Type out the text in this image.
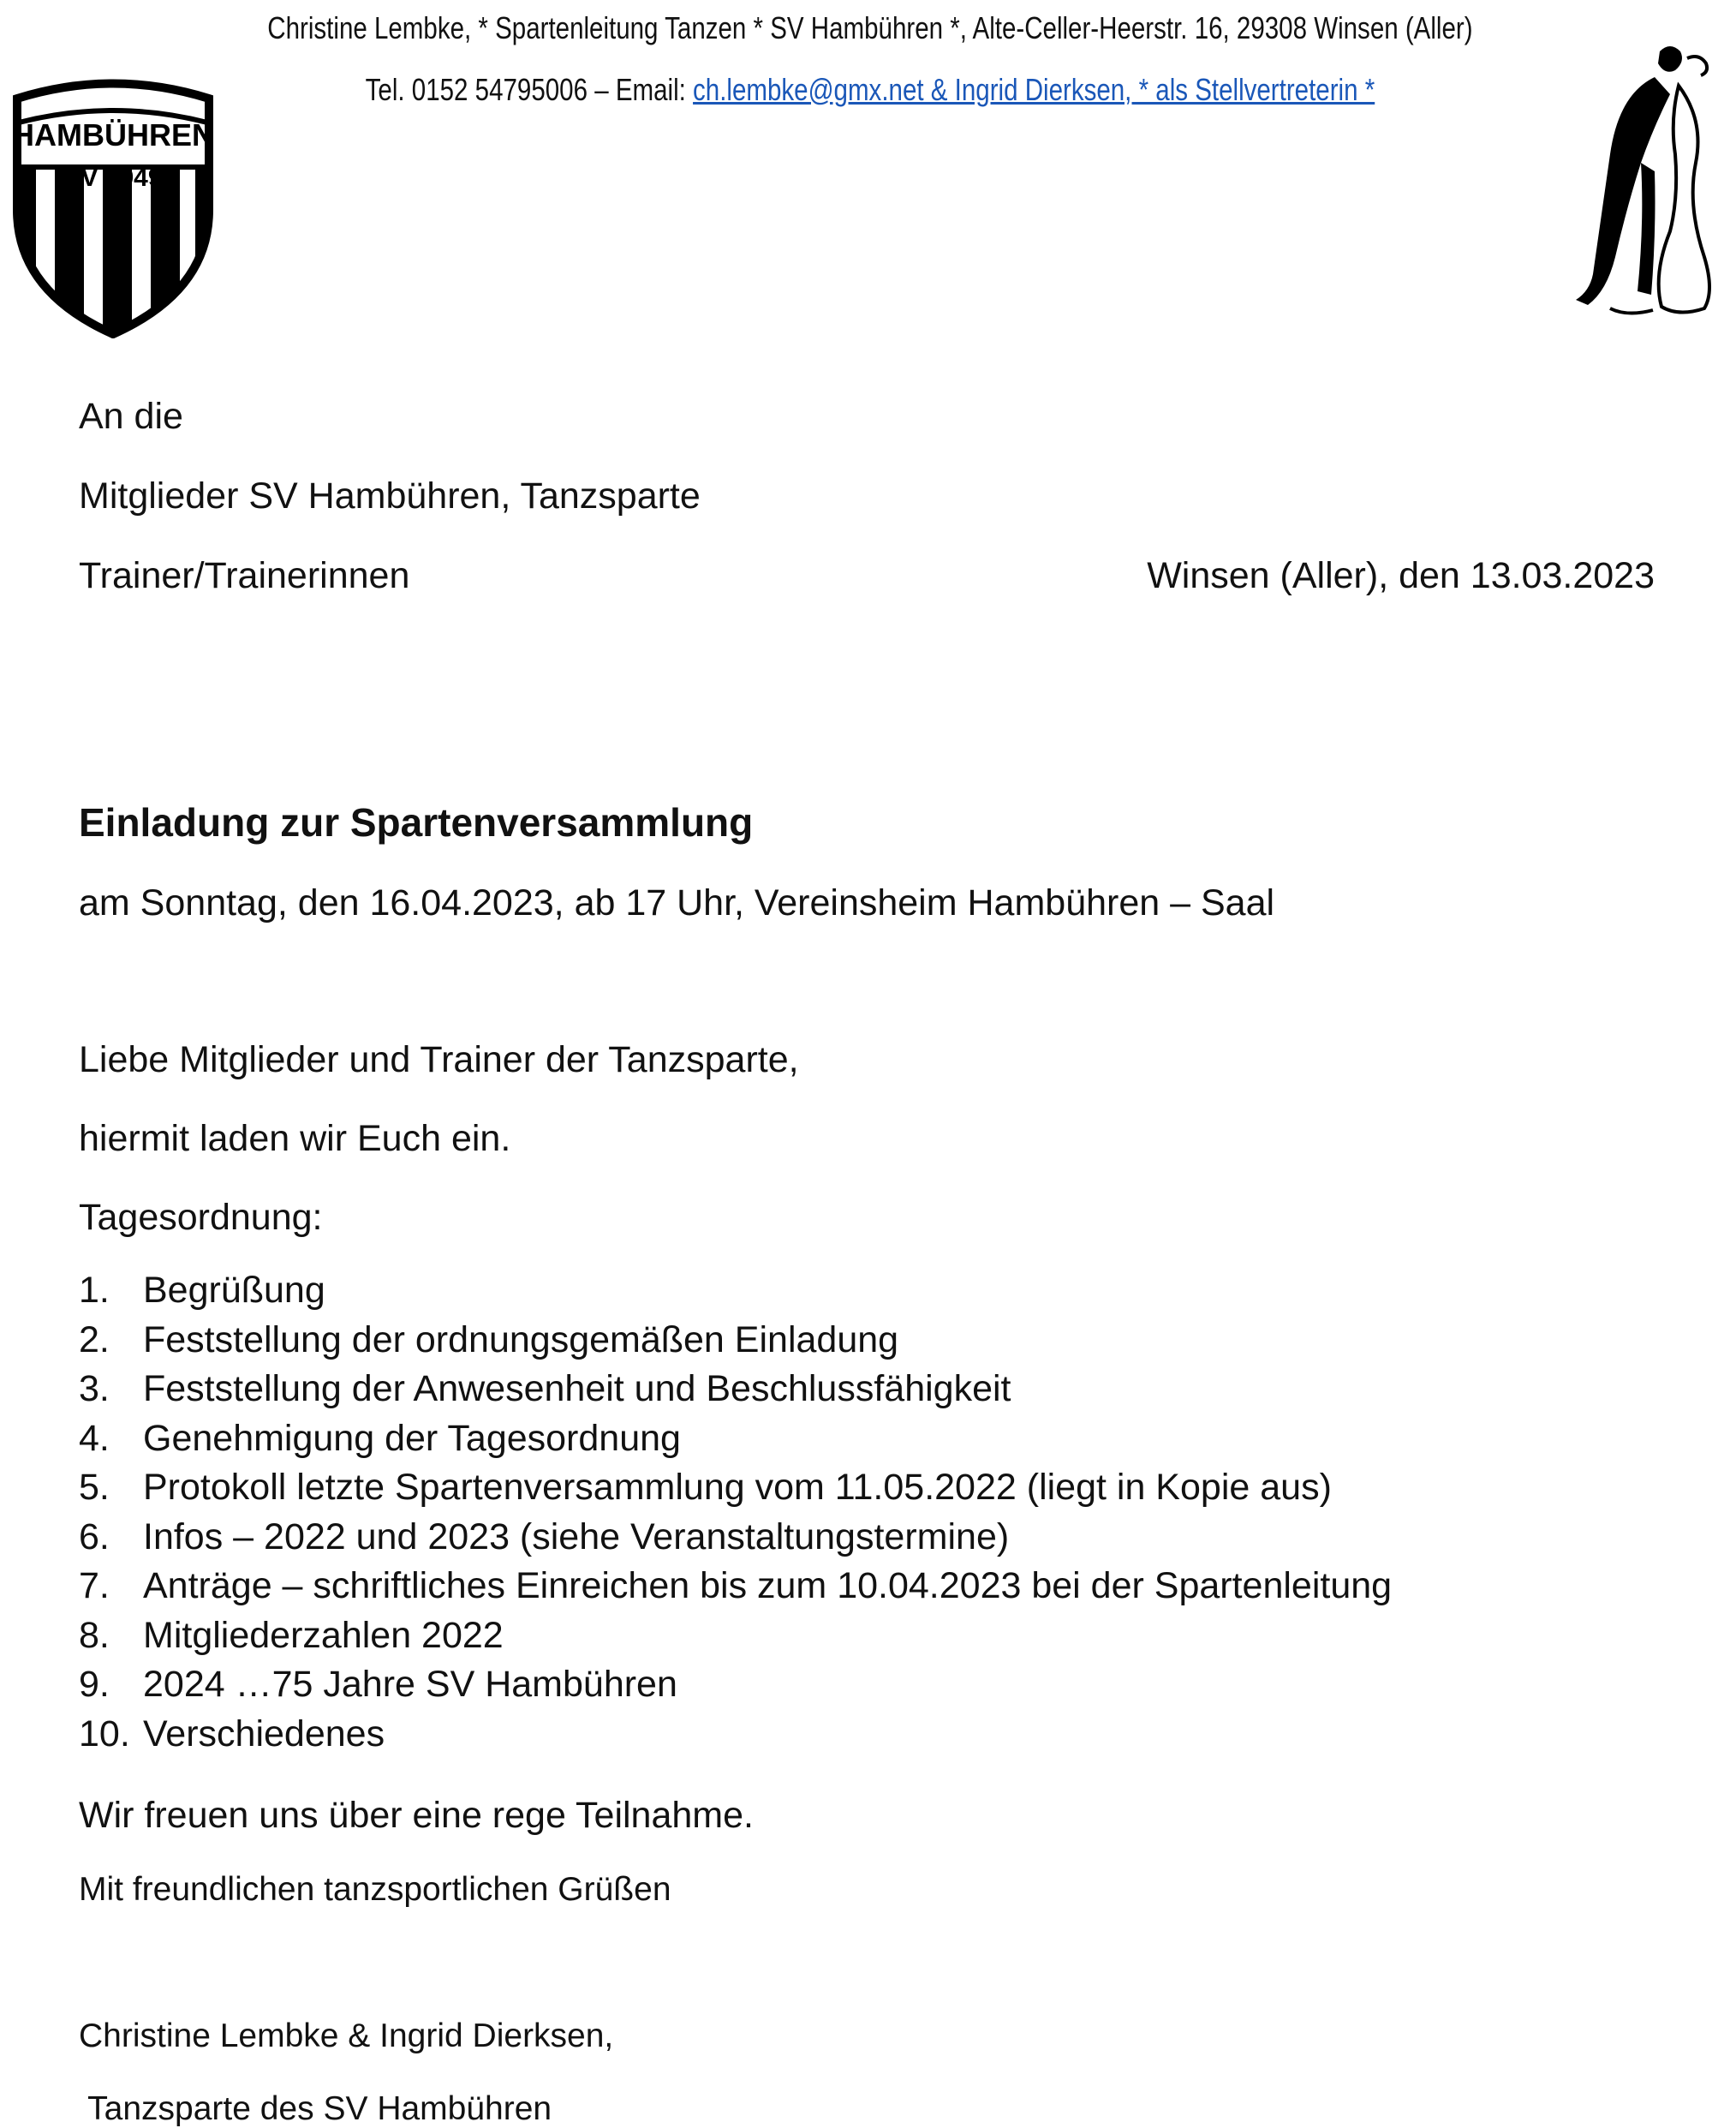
Christine Lembke, * Spartenleitung Tanzen * SV Hambühren *, Alte-Celler-Heerstr. 16, 29308 Winsen (Aller)
Tel. 0152 54795006 – Email: ch.lembke@gmx.net & Ingrid Dierksen, * als Stellvertreterin *
HAMBÜHREN
SV 1949
An die
Mitglieder SV Hambühren, Tanzsparte
Trainer/Trainerinnen	Winsen (Aller), den 13.03.2023
Einladung zur Spartenversammlung
am Sonntag, den 16.04.2023, ab 17 Uhr, Vereinsheim Hambühren – Saal
Liebe Mitglieder und Trainer der Tanzsparte,
hiermit laden wir Euch ein.
Tagesordnung:
1. Begrüßung
2. Feststellung der ordnungsgemäßen Einladung
3. Feststellung der Anwesenheit und Beschlussfähigkeit
4. Genehmigung der Tagesordnung
5. Protokoll letzte Spartenversammlung vom 11.05.2022 (liegt in Kopie aus)
6. Infos – 2022 und 2023 (siehe Veranstaltungstermine)
7. Anträge – schriftliches Einreichen bis zum 10.04.2023 bei der Spartenleitung
8. Mitgliederzahlen 2022
9. 2024 …75 Jahre SV Hambühren
10. Verschiedenes
Wir freuen uns über eine rege Teilnahme.
Mit freundlichen tanzsportlichen Grüßen
Christine Lembke & Ingrid Dierksen,
Tanzsparte des SV Hambühren
